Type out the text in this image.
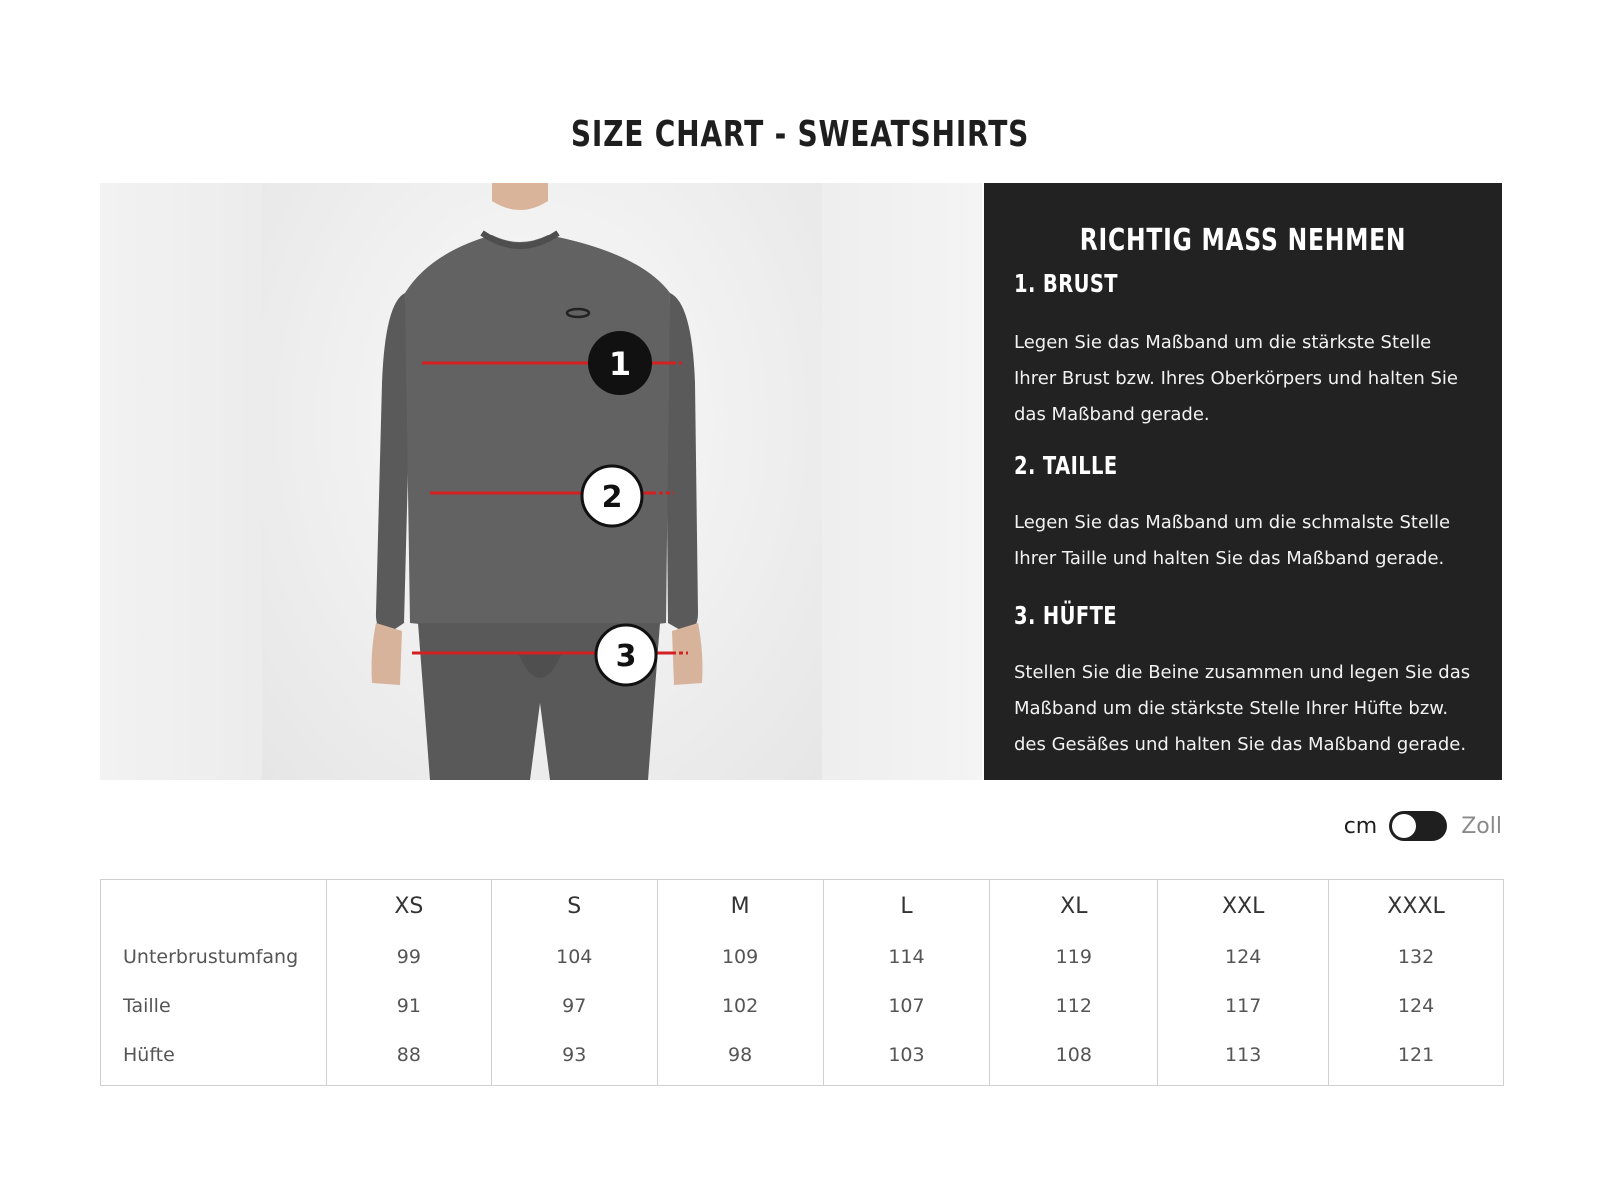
SIZE CHART - SWEATSHIRTS
1
2
3
RICHTIG MASS NEHMEN
1. BRUST
Legen Sie das Maßband um die stärkste Stelle
Ihrer Brust bzw. Ihres Oberkörpers und halten Sie
das Maßband gerade.
2. TAILLE
Legen Sie das Maßband um die schmalste Stelle
Ihrer Taille und halten Sie das Maßband gerade.
3. HÜFTE
Stellen Sie die Beine zusammen und legen Sie das
Maßband um die stärkste Stelle Ihrer Hüfte bzw.
des Gesäßes und halten Sie das Maßband gerade.
cm	Zoll
	XS	S	M	L	XL	XXL	XXXL
Unterbrustumfang	99	104	109	114	119	124	132
Taille	91	97	102	107	112	117	124
Hüfte	88	93	98	103	108	113	121
